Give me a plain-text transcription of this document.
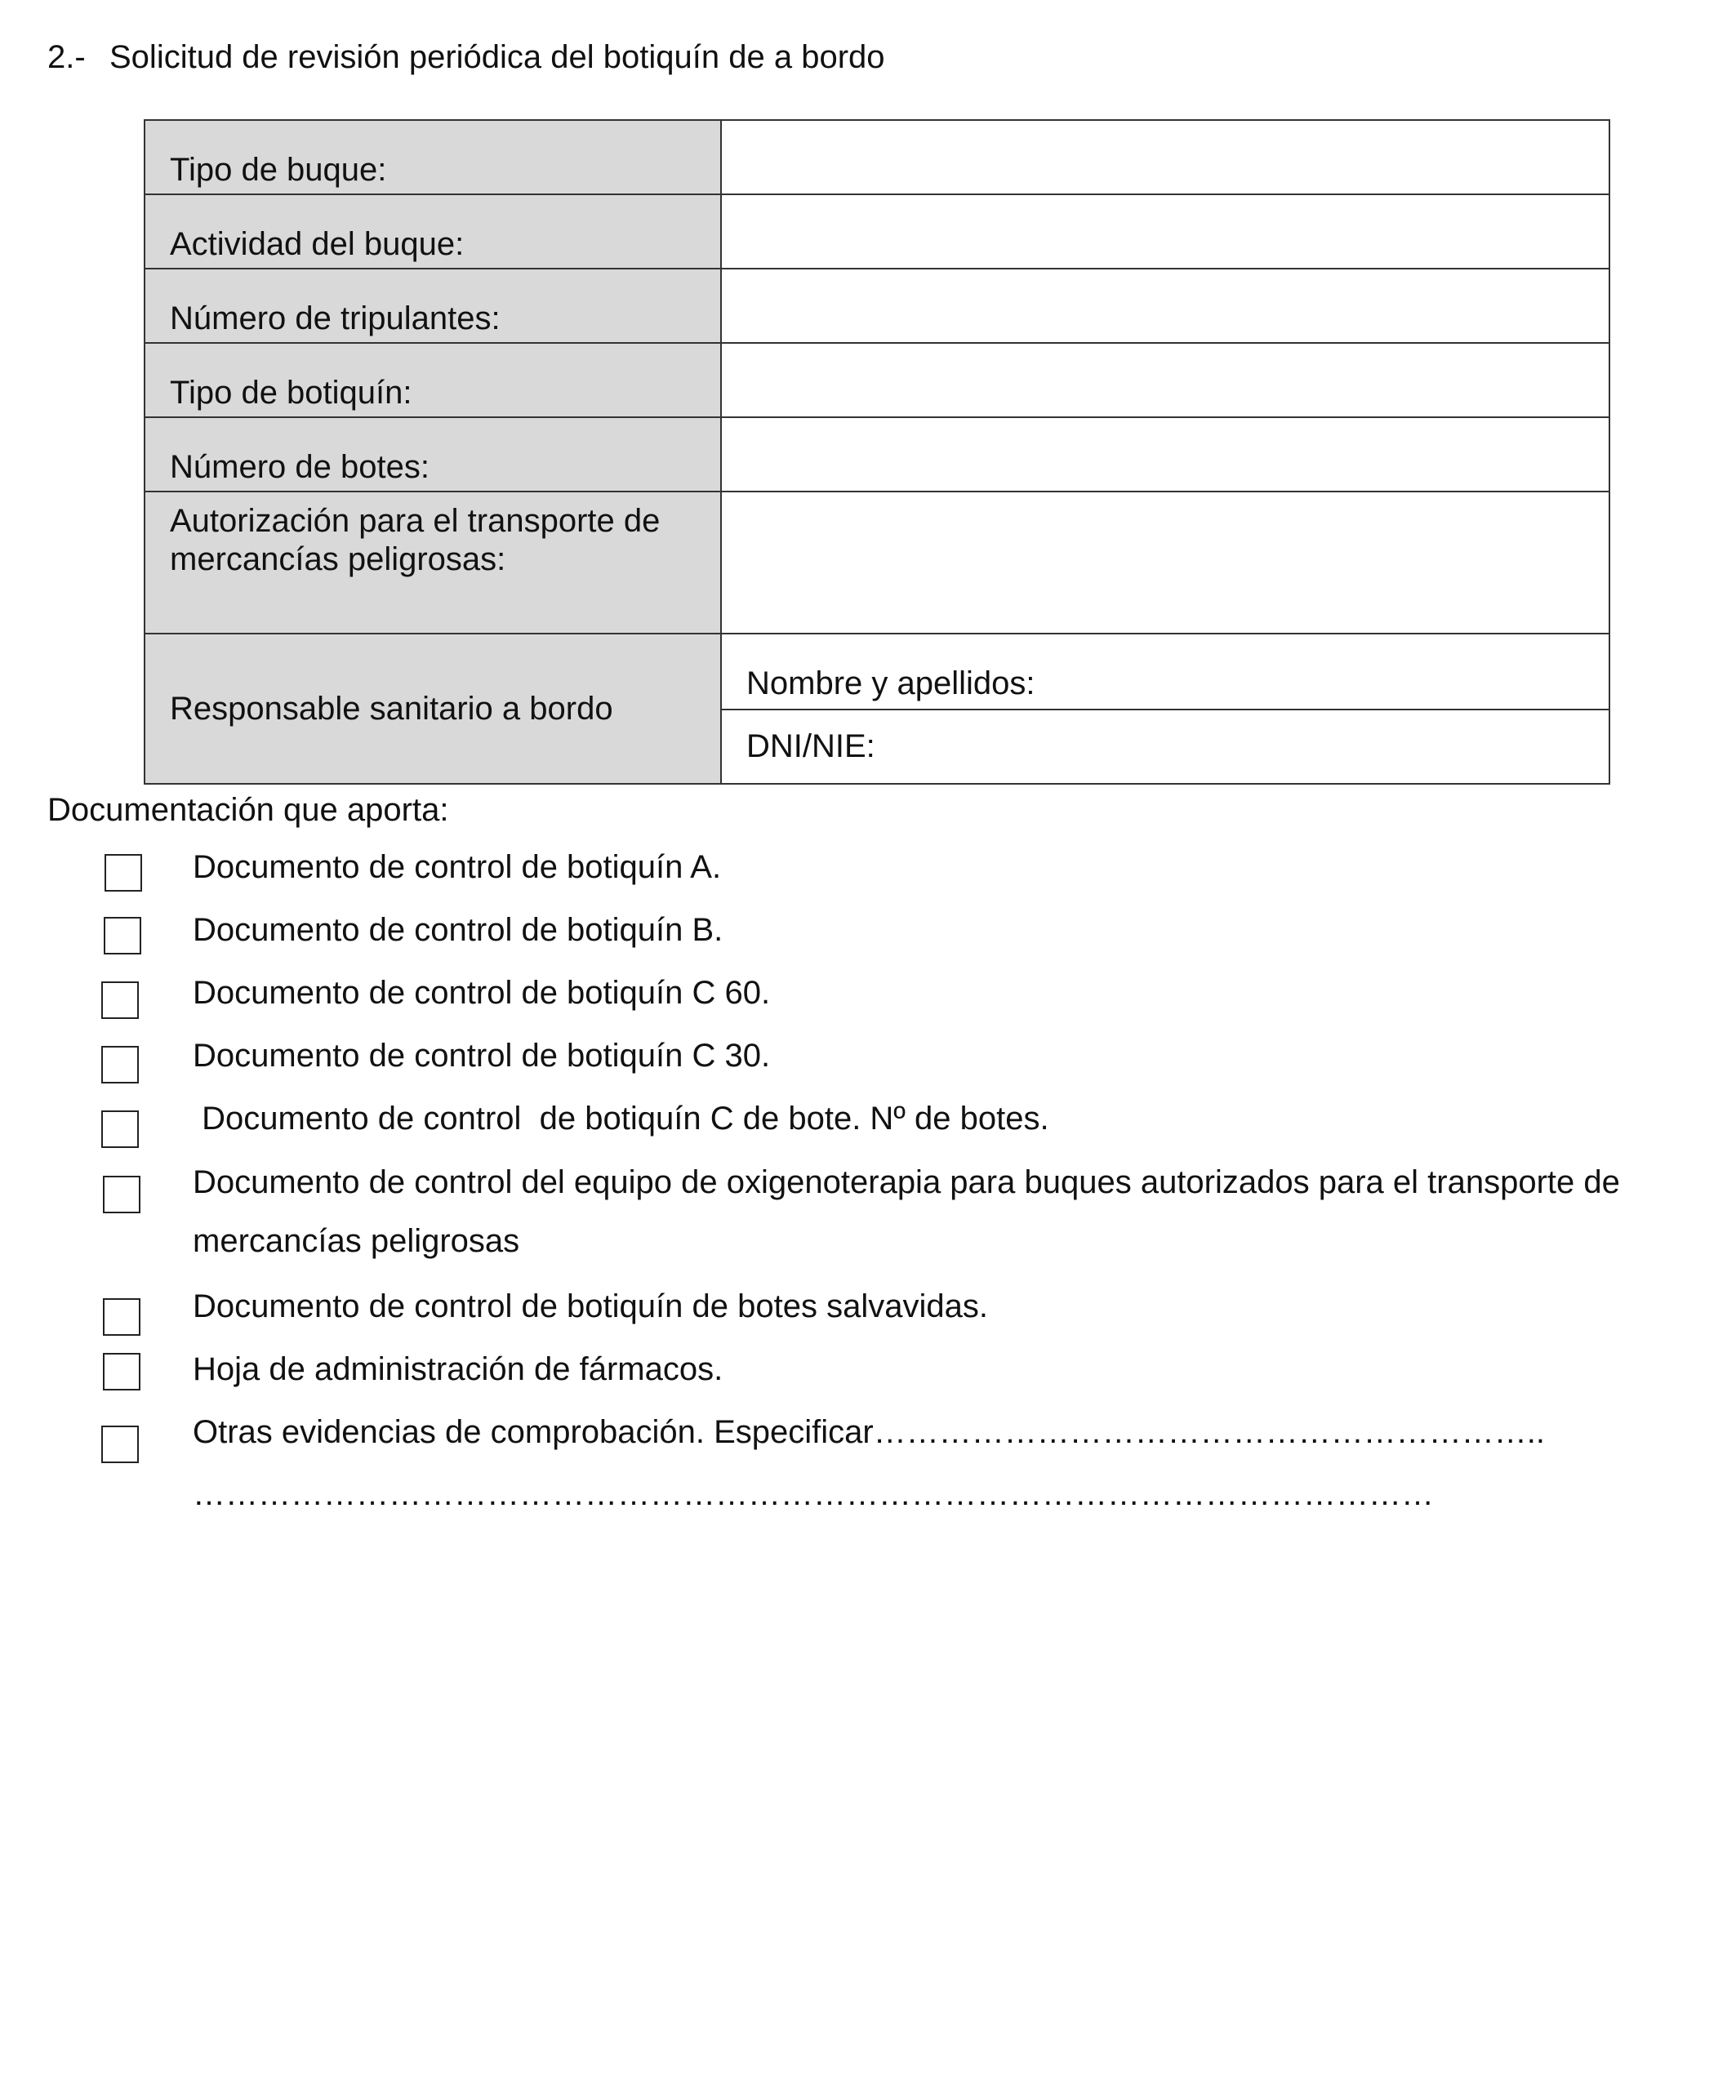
2.- Solicitud de revisión periódica del botiquín de a bordo
Tipo de buque:	
Actividad del buque:	
Número de tripulantes:	
Tipo de botiquín:	
Número de botes:	
Autorización para el transporte de mercancías peligrosas:	
Responsable sanitario a bordo	Nombre y apellidos:
	DNI/NIE:
Documentación que aporta:
Documento de control de botiquín A.
Documento de control de botiquín B.
Documento de control de botiquín C 60.
Documento de control de botiquín C 30.
Documento de control  de botiquín C de bote. Nº de botes.
Documento de control del equipo de oxigenoterapia para buques autorizados para el transporte de mercancías peligrosas
Documento de control de botiquín de botes salvavidas.
Hoja de administración de fármacos.
Otras evidencias de comprobación. Especificar……………………………………………………..
……………………………………………………………………………………………………
